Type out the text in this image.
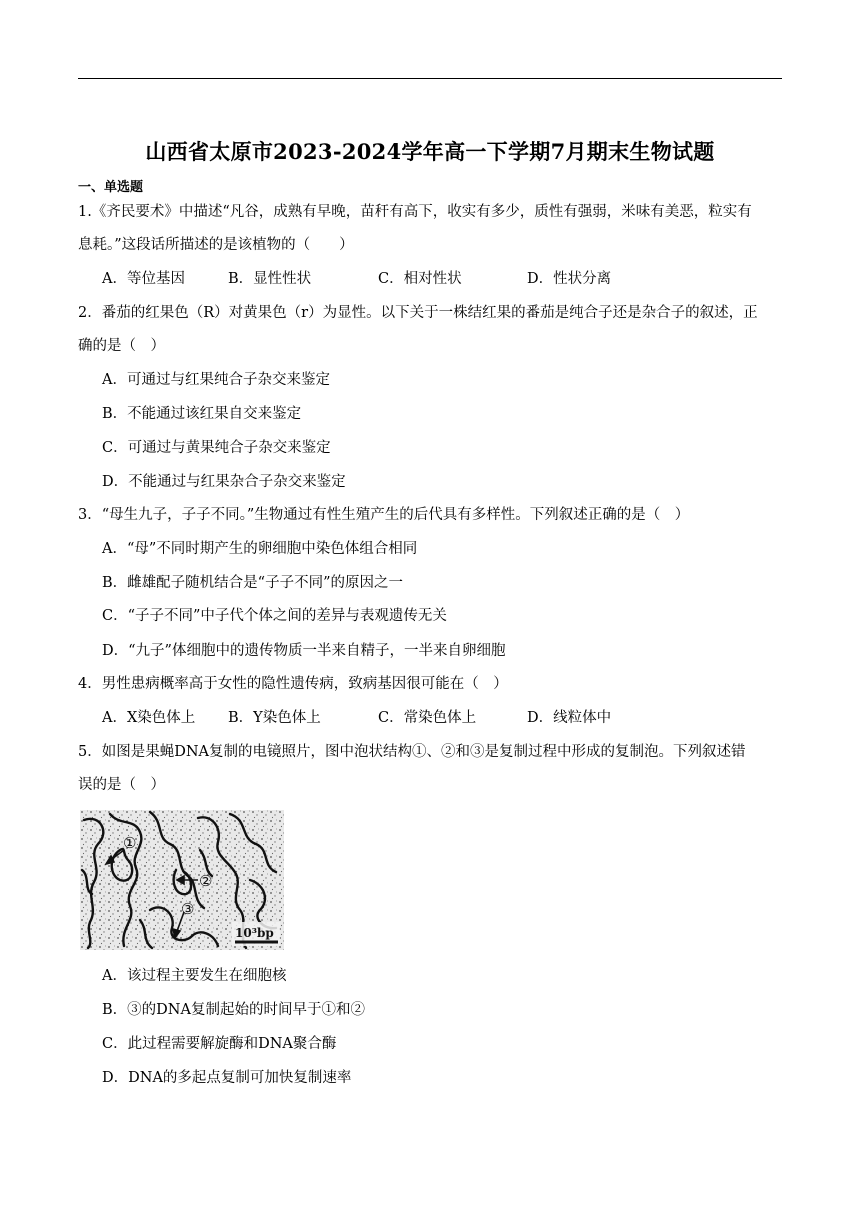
山西省太原市2023-2024学年高一下学期7月期末生物试题
一、单选题
1.《齐民要术》中描述“凡谷，成熟有早晚，苗秆有高下，收实有多少，质性有强弱，米味有美恶，粒实有
息耗。”这段话所描述的是该植物的（　　）
A．等位基因	B．显性性状	C．相对性状	D．性状分离
2．番茄的红果色（R）对黄果色（r）为显性。以下关于一株结红果的番茄是纯合子还是杂合子的叙述，正
确的是（　）
A．可通过与红果纯合子杂交来鉴定
B．不能通过该红果自交来鉴定
C．可通过与黄果纯合子杂交来鉴定
D．不能通过与红果杂合子杂交来鉴定
3．“母生九子，子子不同。”生物通过有性生殖产生的后代具有多样性。下列叙述正确的是（　）
A．“母”不同时期产生的卵细胞中染色体组合相同
B．雌雄配子随机结合是“子子不同”的原因之一
C．“子子不同”中子代个体之间的差异与表观遗传无关
D．“九子”体细胞中的遗传物质一半来自精子，一半来自卵细胞
4．男性患病概率高于女性的隐性遗传病，致病基因很可能在（　）
A．X染色体上 B．Y染色体上	C．常染色体上	D．线粒体中
5．如图是果蝇DNA复制的电镜照片，图中泡状结构①、②和③是复制过程中形成的复制泡。下列叙述错
误的是（　）
①
②
③
10³bp
A．该过程主要发生在细胞核
B．③的DNA复制起始的时间早于①和②
C．此过程需要解旋酶和DNA聚合酶
D．DNA的多起点复制可加快复制速率
